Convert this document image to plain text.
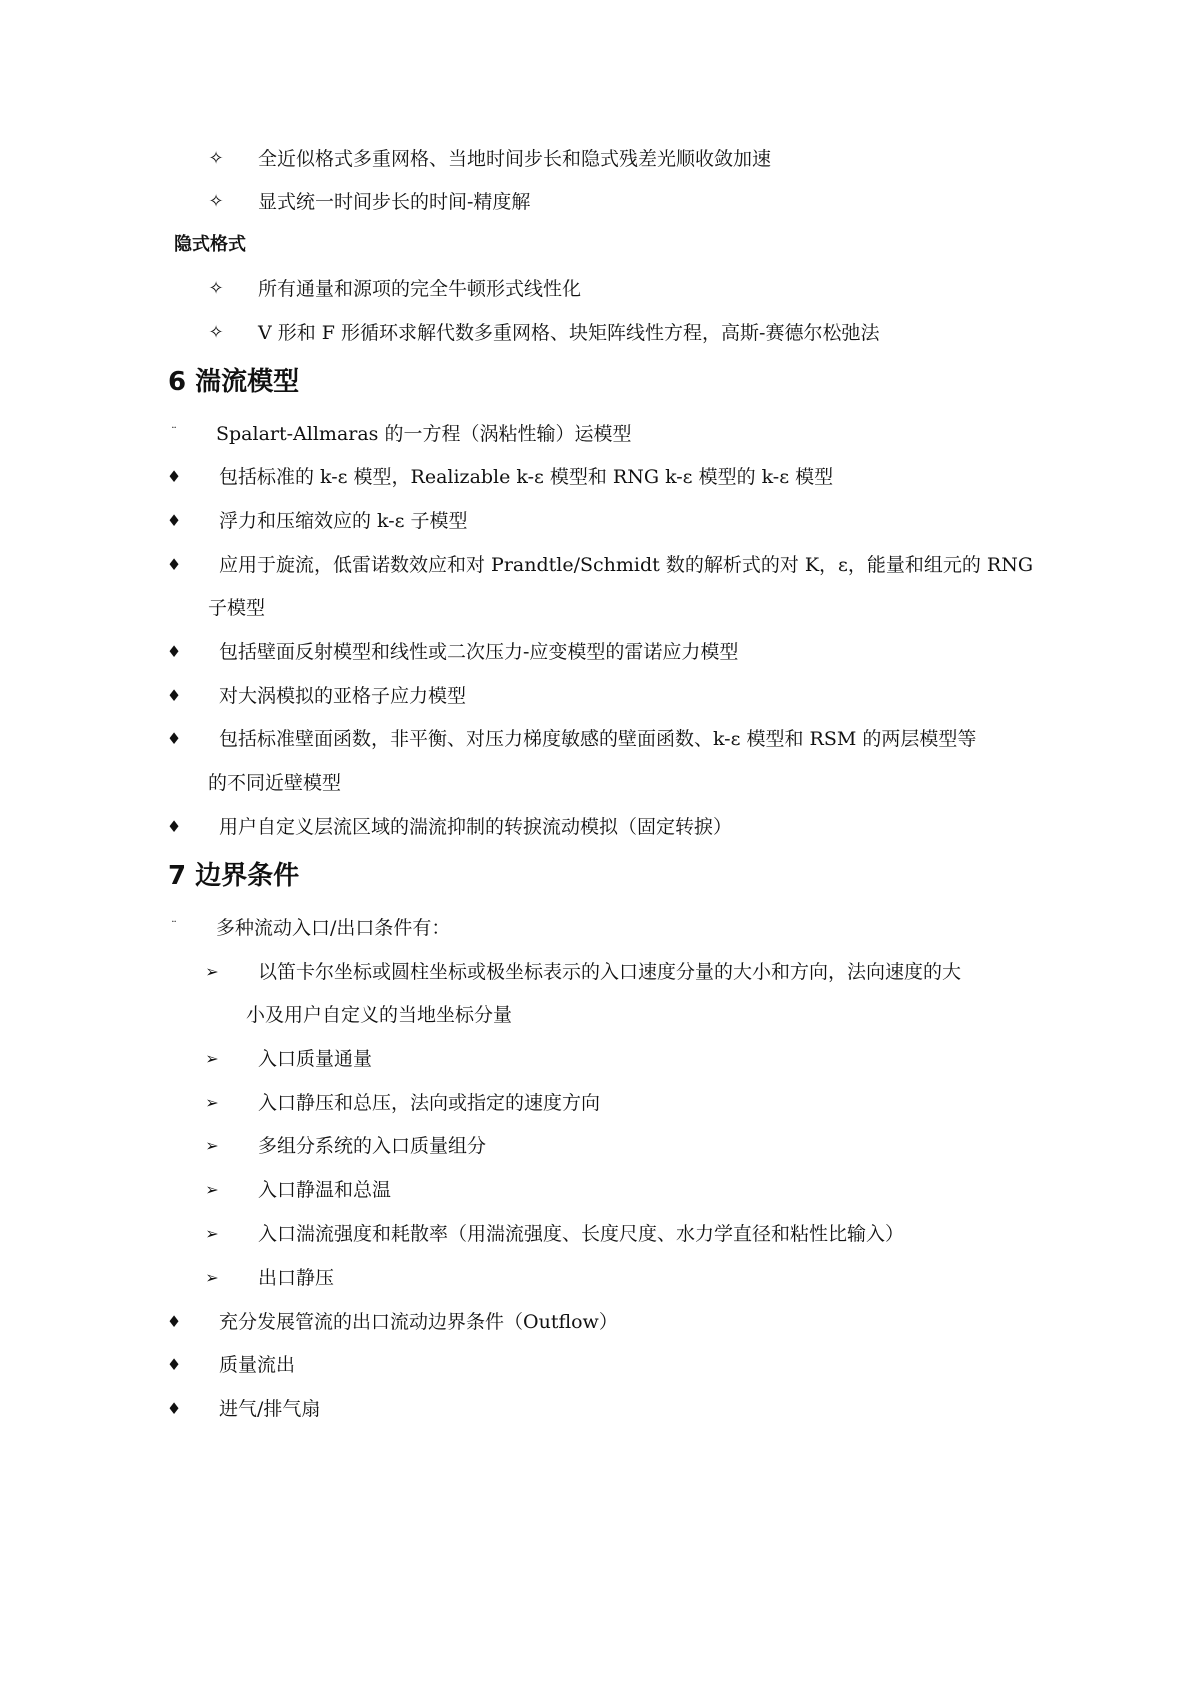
✧ 全近似格式多重网格、当地时间步长和隐式残差光顺收敛加速
✧ 显式统一时间步长的时间-精度解
隐式格式
✧ 所有通量和源项的完全牛顿形式线性化
✧ V 形和 F 形循环求解代数多重网格、块矩阵线性方程，高斯-赛德尔松弛法
6 湍流模型
¨	Spalart-Allmaras 的一方程（涡粘性输）运模型
♦ 包括标准的 k-ε 模型，Realizable k-ε 模型和 RNG k-ε 模型的 k-ε 模型
♦ 浮力和压缩效应的 k-ε 子模型
♦ 应用于旋流，低雷诺数效应和对 Prandtle/Schmidt 数的解析式的对 K，ε，能量和组元的 RNG
子模型
♦ 包括壁面反射模型和线性或二次压力-应变模型的雷诺应力模型
♦ 对大涡模拟的亚格子应力模型
♦ 包括标准壁面函数，非平衡、对压力梯度敏感的壁面函数、k-ε 模型和 RSM 的两层模型等
的不同近壁模型
♦ 用户自定义层流区域的湍流抑制的转捩流动模拟（固定转捩）
7 边界条件
¨	多种流动入口/出口条件有：
➢ 以笛卡尔坐标或圆柱坐标或极坐标表示的入口速度分量的大小和方向，法向速度的大
小及用户自定义的当地坐标分量
➢ 入口质量通量
➢ 入口静压和总压，法向或指定的速度方向
➢ 多组分系统的入口质量组分
➢ 入口静温和总温
➢ 入口湍流强度和耗散率（用湍流强度、长度尺度、水力学直径和粘性比输入）
➢ 出口静压
♦ 充分发展管流的出口流动边界条件（Outflow）
♦ 质量流出
♦ 进气/排气扇
